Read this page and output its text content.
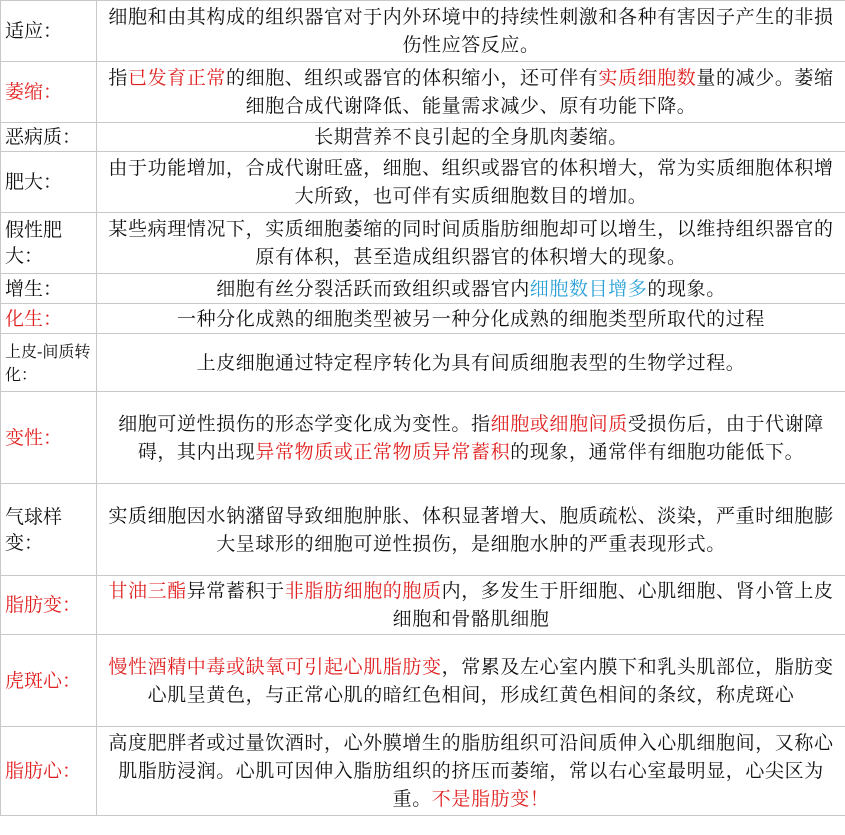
适应：	细胞和由其构成的组织器官对于内外环境中的持续性刺激和各种有害因子产生的非损伤性应答反应。
萎缩：	指已发育正常的细胞、组织或器官的体积缩小，还可伴有实质细胞数量的减少。萎缩细胞合成代谢降低、能量需求减少、原有功能下降。
恶病质：	长期营养不良引起的全身肌肉萎缩。
肥大：	由于功能增加，合成代谢旺盛，细胞、组织或器官的体积增大，常为实质细胞体积增大所致，也可伴有实质细胞数目的增加。
假性肥大：	某些病理情况下，实质细胞萎缩的同时间质脂肪细胞却可以增生，以维持组织器官的原有体积，甚至造成组织器官的体积增大的现象。
增生：	细胞有丝分裂活跃而致组织或器官内细胞数目增多的现象。
化生：	一种分化成熟的细胞类型被另一种分化成熟的细胞类型所取代的过程
上皮-间质转化：	上皮细胞通过特定程序转化为具有间质细胞表型的生物学过程。
变性：	细胞可逆性损伤的形态学变化成为变性。指细胞或细胞间质受损伤后，由于代谢障碍，其内出现异常物质或正常物质异常蓄积的现象，通常伴有细胞功能低下。
气球样变：	实质细胞因水钠潴留导致细胞肿胀、体积显著增大、胞质疏松、淡染，严重时细胞膨大呈球形的细胞可逆性损伤，是细胞水肿的严重表现形式。
脂肪变：	甘油三酯异常蓄积于非脂肪细胞的胞质内，多发生于肝细胞、心肌细胞、肾小管上皮细胞和骨骼肌细胞
虎斑心：	慢性酒精中毒或缺氧可引起心肌脂肪变，常累及左心室内膜下和乳头肌部位，脂肪变心肌呈黄色，与正常心肌的暗红色相间，形成红黄色相间的条纹，称虎斑心
脂肪心：	高度肥胖者或过量饮酒时，心外膜增生的脂肪组织可沿间质伸入心肌细胞间，又称心肌脂肪浸润。心肌可因伸入脂肪组织的挤压而萎缩，常以右心室最明显，心尖区为重。不是脂肪变！
